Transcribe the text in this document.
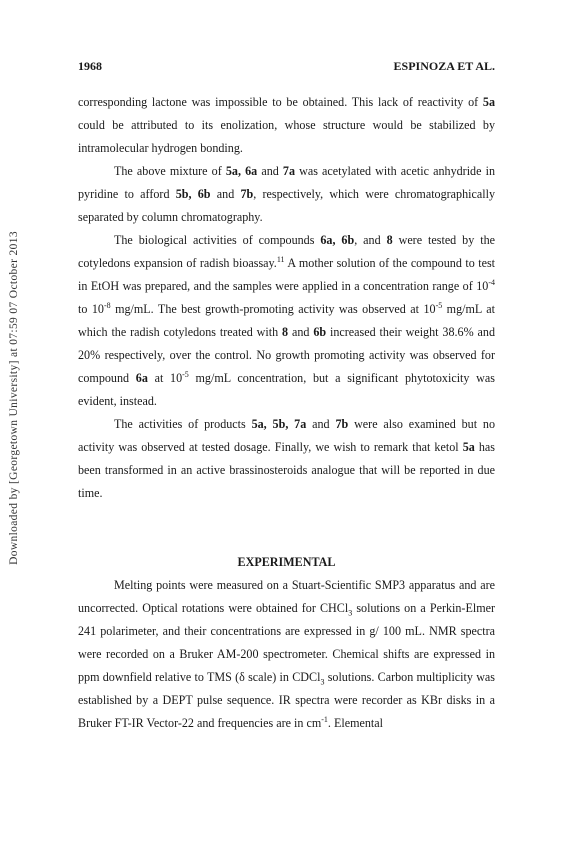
Downloaded by [Georgetown University] at 07:59 07 October 2013
1968	ESPINOZA ET AL.

corresponding lactone was impossible to be obtained. This lack of reactivity of 5a could be attributed to its enolization, whose structure would be stabilized by intramolecular hydrogen bonding.

The above mixture of 5a, 6a and 7a was acetylated with acetic anhydride in pyridine to afford 5b, 6b and 7b, respectively, which were chromatographically separated by column chromatography.

The biological activities of compounds 6a, 6b, and 8 were tested by the cotyledons expansion of radish bioassay.$^{11}$ A mother solution of the compound to test in EtOH was prepared, and the samples were applied in a concentration range of $10^{-4}$ to $10^{-8}$ mg/mL. The best growth-promoting activity was observed at $10^{-5}$ mg/mL at which the radish cotyledons treated with 8 and 6b increased their weight 38.6% and 20% respectively, over the control. No growth promoting activity was observed for compound 6a at $10^{-5}$ mg/mL concentration, but a significant phytotoxicity was evident, instead.

The activities of products 5a, 5b, 7a and 7b were also examined but no activity was observed at tested dosage. Finally, we wish to remark that ketol 5a has been transformed in an active brassinosteroids analogue that will be reported in due time.

EXPERIMENTAL

Melting points were measured on a Stuart-Scientific SMP3 apparatus and are uncorrected. Optical rotations were obtained for CHCl$_3$ solutions on a Perkin-Elmer 241 polarimeter, and their concentrations are expressed in g/ 100 mL. NMR spectra were recorded on a Bruker AM-200 spectrometer. Chemical shifts are expressed in ppm downfield relative to TMS (δ scale) in CDCl$_3$ solutions. Carbon multiplicity was established by a DEPT pulse sequence. IR spectra were recorder as KBr disks in a Bruker FT-IR Vector-22 and frequencies are in $cm^{-1}$. Elemental
